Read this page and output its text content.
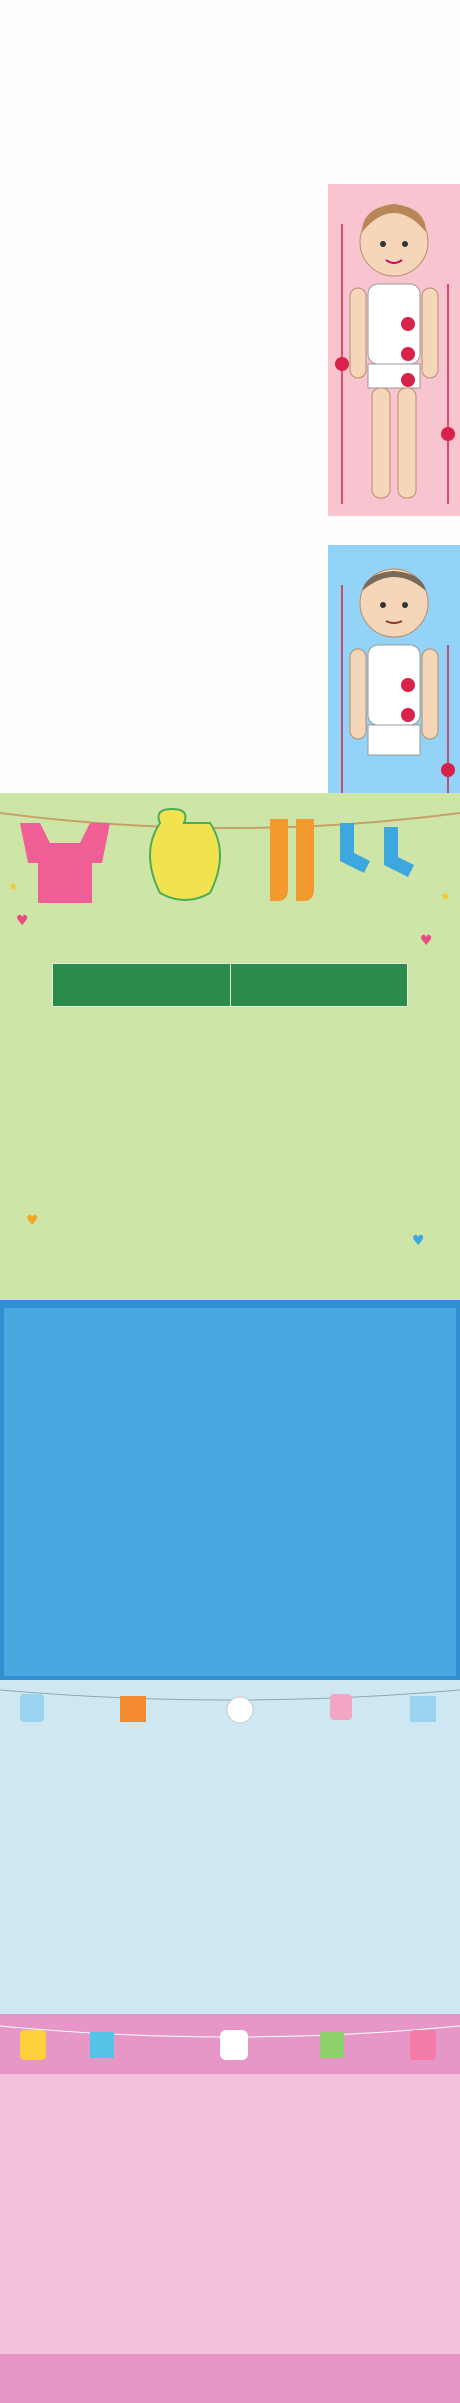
♥
♥
♥
♥
★
★
